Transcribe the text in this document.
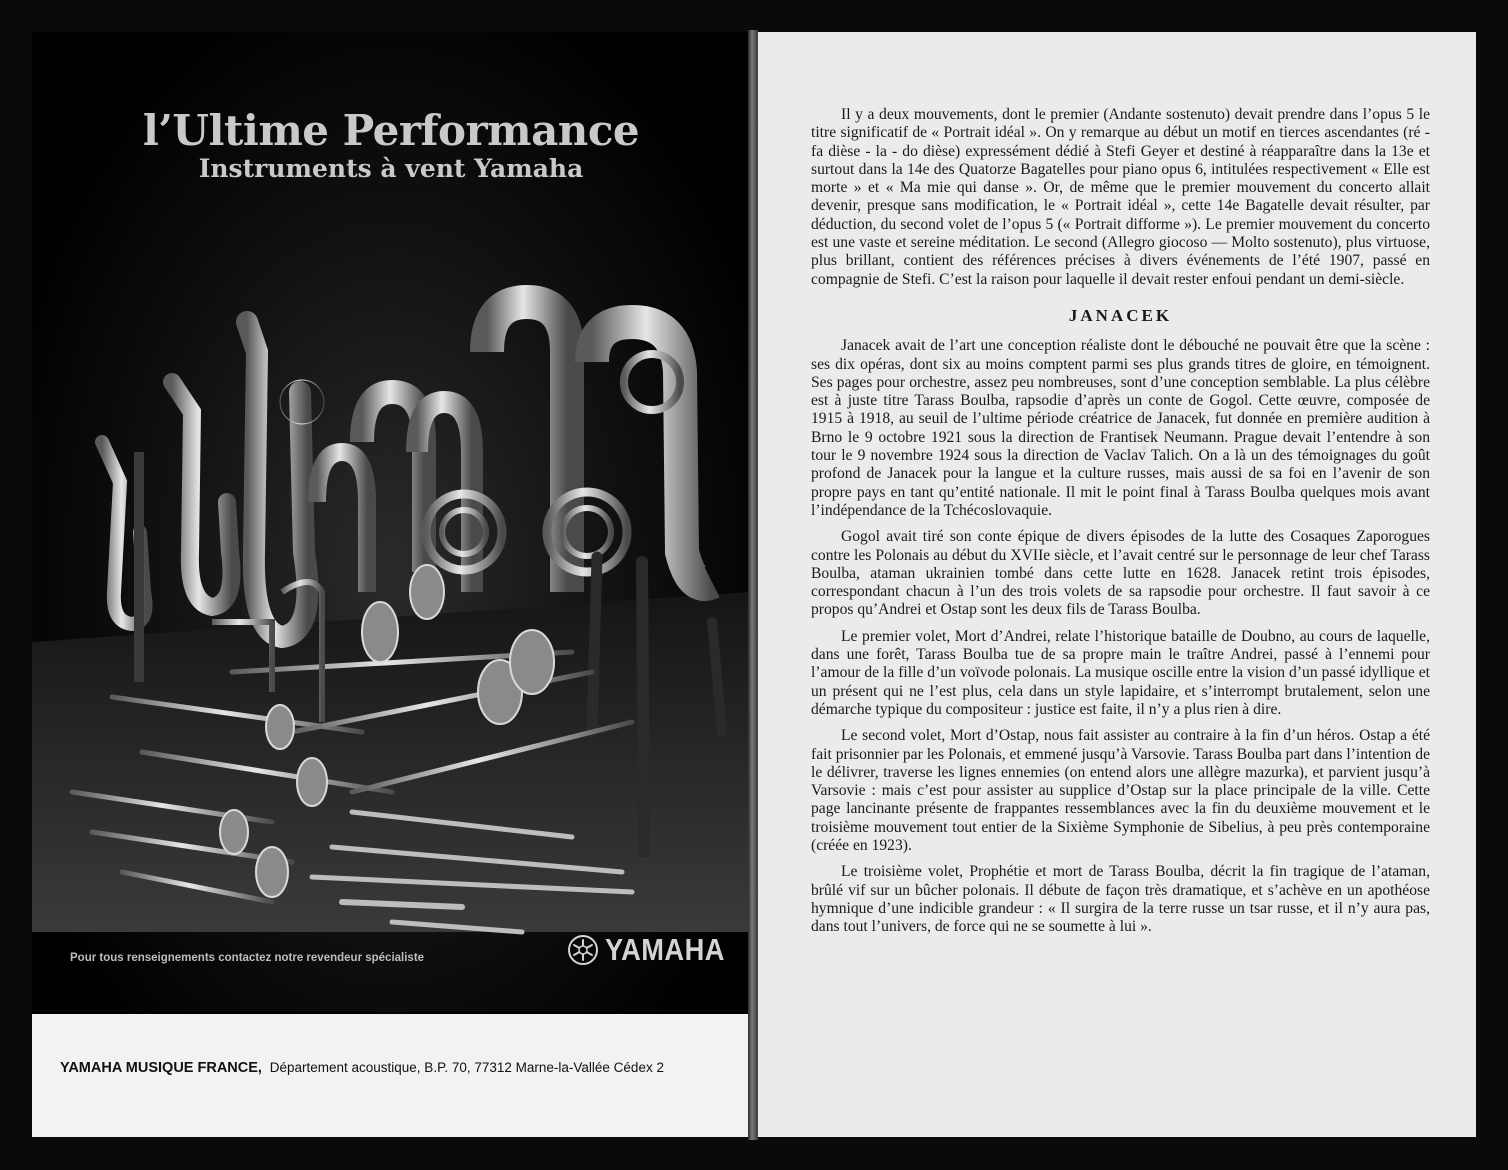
l’Ultime Performance
Instruments à vent Yamaha
Pour tous renseignements contactez notre revendeur spécialiste	YAMAHA
YAMAHA MUSIQUE FRANCE, Département acoustique, B.P. 70, 77312 Marne-la-Vallée Cédex 2
. . .

Il y a deux mouvements, dont le premier (Andante sostenuto) devait prendre dans l’opus 5 le titre significatif de « Portrait idéal ». On y remarque au début un motif en tierces ascendantes (ré - fa dièse - la - do dièse) expressément dédié à Stefi Geyer et destiné à réapparaître dans la 13e et surtout dans la 14e des Quatorze Bagatelles pour piano opus 6, intitulées respectivement « Elle est morte » et « Ma mie qui danse ». Or, de même que le premier mouvement du concerto allait devenir, presque sans modification, le « Portrait idéal », cette 14e Bagatelle devait résulter, par déduction, du second volet de l’opus 5 (« Portrait difforme »). Le premier mouvement du concerto est une vaste et sereine méditation. Le second (Allegro giocoso — Molto sostenuto), plus virtuose, plus brillant, contient des références précises à divers événements de l’été 1907, passé en compagnie de Stefi. C’est la raison pour laquelle il devait rester enfoui pendant un demi-siècle.

JANACEK

Janacek avait de l’art une conception réaliste dont le débouché ne pouvait être que la scène : ses dix opéras, dont six au moins comptent parmi ses plus grands titres de gloire, en témoignent. Ses pages pour orchestre, assez peu nombreuses, sont d’une conception semblable. La plus célèbre est à juste titre Tarass Boulba, rapsodie d’après un conte de Gogol. Cette œuvre, composée de 1915 à 1918, au seuil de l’ultime période créatrice de Janacek, fut donnée en première audition à Brno le 9 octobre 1921 sous la direction de Frantisek Neumann. Prague devait l’entendre à son tour le 9 novembre 1924 sous la direction de Vaclav Talich. On a là un des témoignages du goût profond de Janacek pour la langue et la culture russes, mais aussi de sa foi en l’avenir de son propre pays en tant qu’entité nationale. Il mit le point final à Tarass Boulba quelques mois avant l’indépendance de la Tchécoslovaquie.

Gogol avait tiré son conte épique de divers épisodes de la lutte des Cosaques Zaporogues contre les Polonais au début du XVIIe siècle, et l’avait centré sur le personnage de leur chef Tarass Boulba, ataman ukrainien tombé dans cette lutte en 1628. Janacek retint trois épisodes, correspondant chacun à l’un des trois volets de sa rapsodie pour orchestre. Il faut savoir à ce propos qu’Andrei et Ostap sont les deux fils de Tarass Boulba.

Le premier volet, Mort d’Andrei, relate l’historique bataille de Doubno, au cours de laquelle, dans une forêt, Tarass Boulba tue de sa propre main le traître Andrei, passé à l’ennemi pour l’amour de la fille d’un voïvode polonais. La musique oscille entre la vision d’un passé idyllique et un présent qui ne l’est plus, cela dans un style lapidaire, et s’interrompt brutalement, selon une démarche typique du compositeur : justice est faite, il n’y a plus rien à dire.

Le second volet, Mort d’Ostap, nous fait assister au contraire à la fin d’un héros. Ostap a été fait prisonnier par les Polonais, et emmené jusqu’à Varsovie. Tarass Boulba part dans l’intention de le délivrer, traverse les lignes ennemies (on entend alors une allègre mazurka), et parvient jusqu’à Varsovie : mais c’est pour assister au supplice d’Ostap sur la place principale de la ville. Cette page lancinante présente de frappantes ressemblances avec la fin du deuxième mouvement et le troisième mouvement tout entier de la Sixième Symphonie de Sibelius, à peu près contemporaine (créée en 1923).

Le troisième volet, Prophétie et mort de Tarass Boulba, décrit la fin tragique de l’ataman, brûlé vif sur un bûcher polonais. Il débute de façon très dramatique, et s’achève en un apothéose hymnique d’une indicible grandeur : « Il surgira de la terre russe un tsar russe, et il n’y aura pas, dans tout l’univers, de force qui ne se soumette à lui ».
